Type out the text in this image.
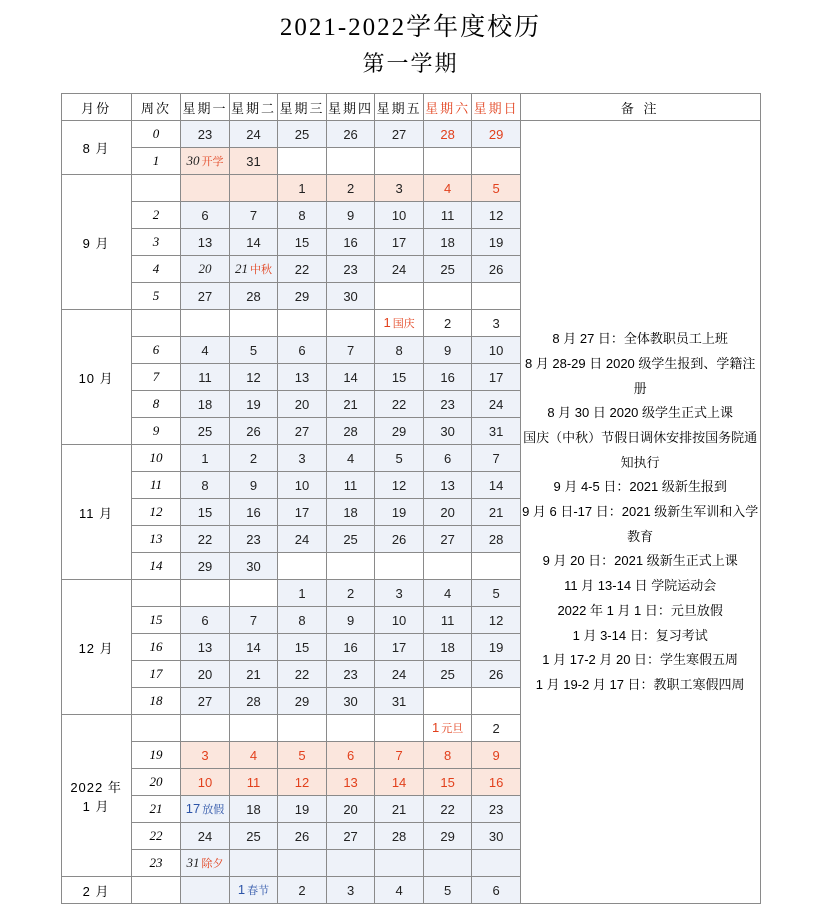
2021-2022学年度校历
第一学期
月份	周次	星期一	星期二	星期三	星期四	星期五	星期六	星期日	备 注
8 月	0	23	24	25	26	27	28	29	
8 月 27 日：全体教职员工上班
8 月 28-29 日 2020 级学生报到、学籍注册
8 月 30 日 2020 级学生正式上课
国庆（中秋）节假日调休安排按国务院通知执行
9 月 4-5 日：2021 级新生报到
9 月 6 日-17 日：2021 级新生军训和入学教育
9 月 20 日：2021 级新生正式上课
11 月 13-14 日 学院运动会
2022 年 1 月 1 日：元旦放假
1 月 3-14 日：复习考试
1 月 17-2 月 20 日：学生寒假五周
1 月 19-2 月 17 日：教职工寒假四周

	1	30 开学	31						
9 月				1	2	3	4	5	
	2	6	7	8	9	10	11	12	
	3	13	14	15	16	17	18	19	
	4	20	21 中秋	22	23	24	25	26	
	5	27	28	29	30				
10 月						1 国庆	2	3	
	6	4	5	6	7	8	9	10	
	7	11	12	13	14	15	16	17	
	8	18	19	20	21	22	23	24	
	9	25	26	27	28	29	30	31	
11 月	10	1	2	3	4	5	6	7	
	11	8	9	10	11	12	13	14	
	12	15	16	17	18	19	20	21	
	13	22	23	24	25	26	27	28	
	14	29	30						
12 月				1	2	3	4	5	
	15	6	7	8	9	10	11	12	
	16	13	14	15	16	17	18	19	
	17	20	21	22	23	24	25	26	
	18	27	28	29	30	31			
2022 年
1 月							1 元旦	2	
	19	3	4	5	6	7	8	9	
	20	10	11	12	13	14	15	16	
	21	17 放假	18	19	20	21	22	23	
	22	24	25	26	27	28	29	30	
	23	31 除夕							
2 月			1 春节	2	3	4	5	6	
